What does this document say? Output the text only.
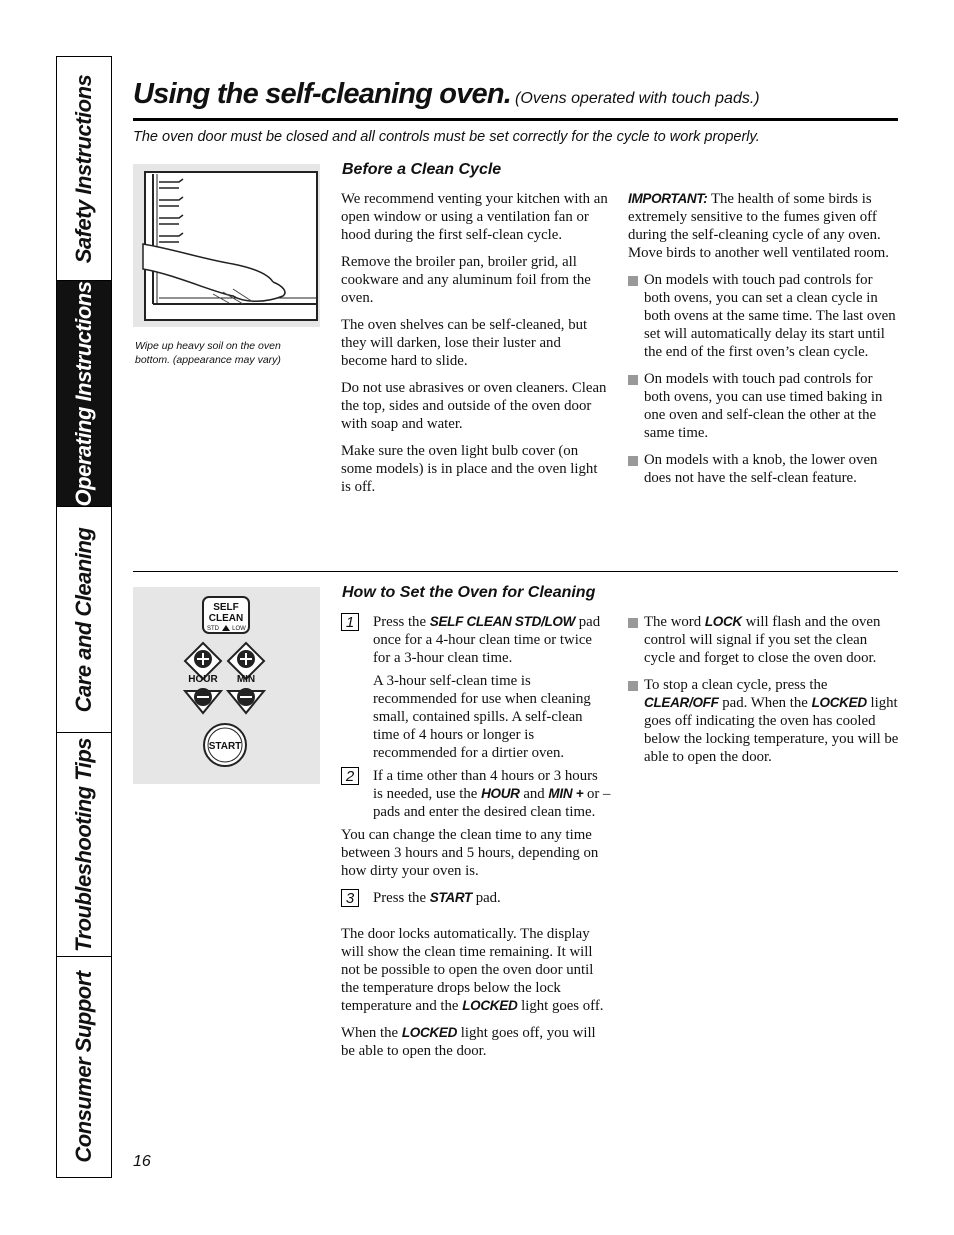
Safety Instructions
Operating Instructions
Care and Cleaning
Troubleshooting Tips
Consumer Support
Using the self-cleaning oven. (Ovens operated with touch pads.)
The oven door must be closed and all controls must be set correctly for the cycle to work properly.
Wipe up heavy soil on the oven bottom. (appearance may vary)
Before a Clean Cycle

We recommend venting your kitchen with an open window or using a ventilation fan or hood during the first self-clean cycle.

Remove the broiler pan, broiler grid, all cookware and any aluminum foil from the oven.

The oven shelves can be self-cleaned, but they will darken, lose their luster and become hard to slide.

Do not use abrasives or oven cleaners. Clean the top, sides and outside of the oven door with soap and water.

Make sure the oven light bulb cover (on some models) is in place and the oven light is off.

IMPORTANT: The health of some birds is extremely sensitive to the fumes given off during the self-cleaning cycle of any oven. Move birds to another well ventilated room.

On models with touch pad controls for both ovens, you can set a clean cycle in both ovens at the same time. The last oven set will automatically delay its start until the end of the first oven’s clean cycle.
On models with touch pad controls for both ovens, you can use timed baking in one oven and self-clean the other at the same time.
On models with a knob, the lower oven does not have the self-clean feature.
SELF
CLEAN
STD LOW
HOUR MIN
START
How to Set the Oven for Cleaning
1	Press the SELF CLEAN STD/LOW pad once for a 4-hour clean time or twice for a 3-hour clean time.

A 3-hour self-clean time is recommended for use when cleaning small, contained spills. A self-clean time of 4 hours or longer is recommended for a dirtier oven.

2	If a time other than 4 hours or 3 hours is needed, use the HOUR and MIN + or – pads and enter the desired clean time.

You can change the clean time to any time between 3 hours and 5 hours, depending on how dirty your oven is.

3	Press the START pad.

The door locks automatically. The display will show the clean time remaining. It will not be possible to open the oven door until the temperature drops below the lock temperature and the LOCKED light goes off.

When the LOCKED light goes off, you will be able to open the door.

The word LOCK will flash and the oven control will signal if you set the clean cycle and forget to close the oven door.
To stop a clean cycle, press the CLEAR/OFF pad. When the LOCKED light goes off indicating the oven has cooled below the locking temperature, you will be able to open the door.
16
